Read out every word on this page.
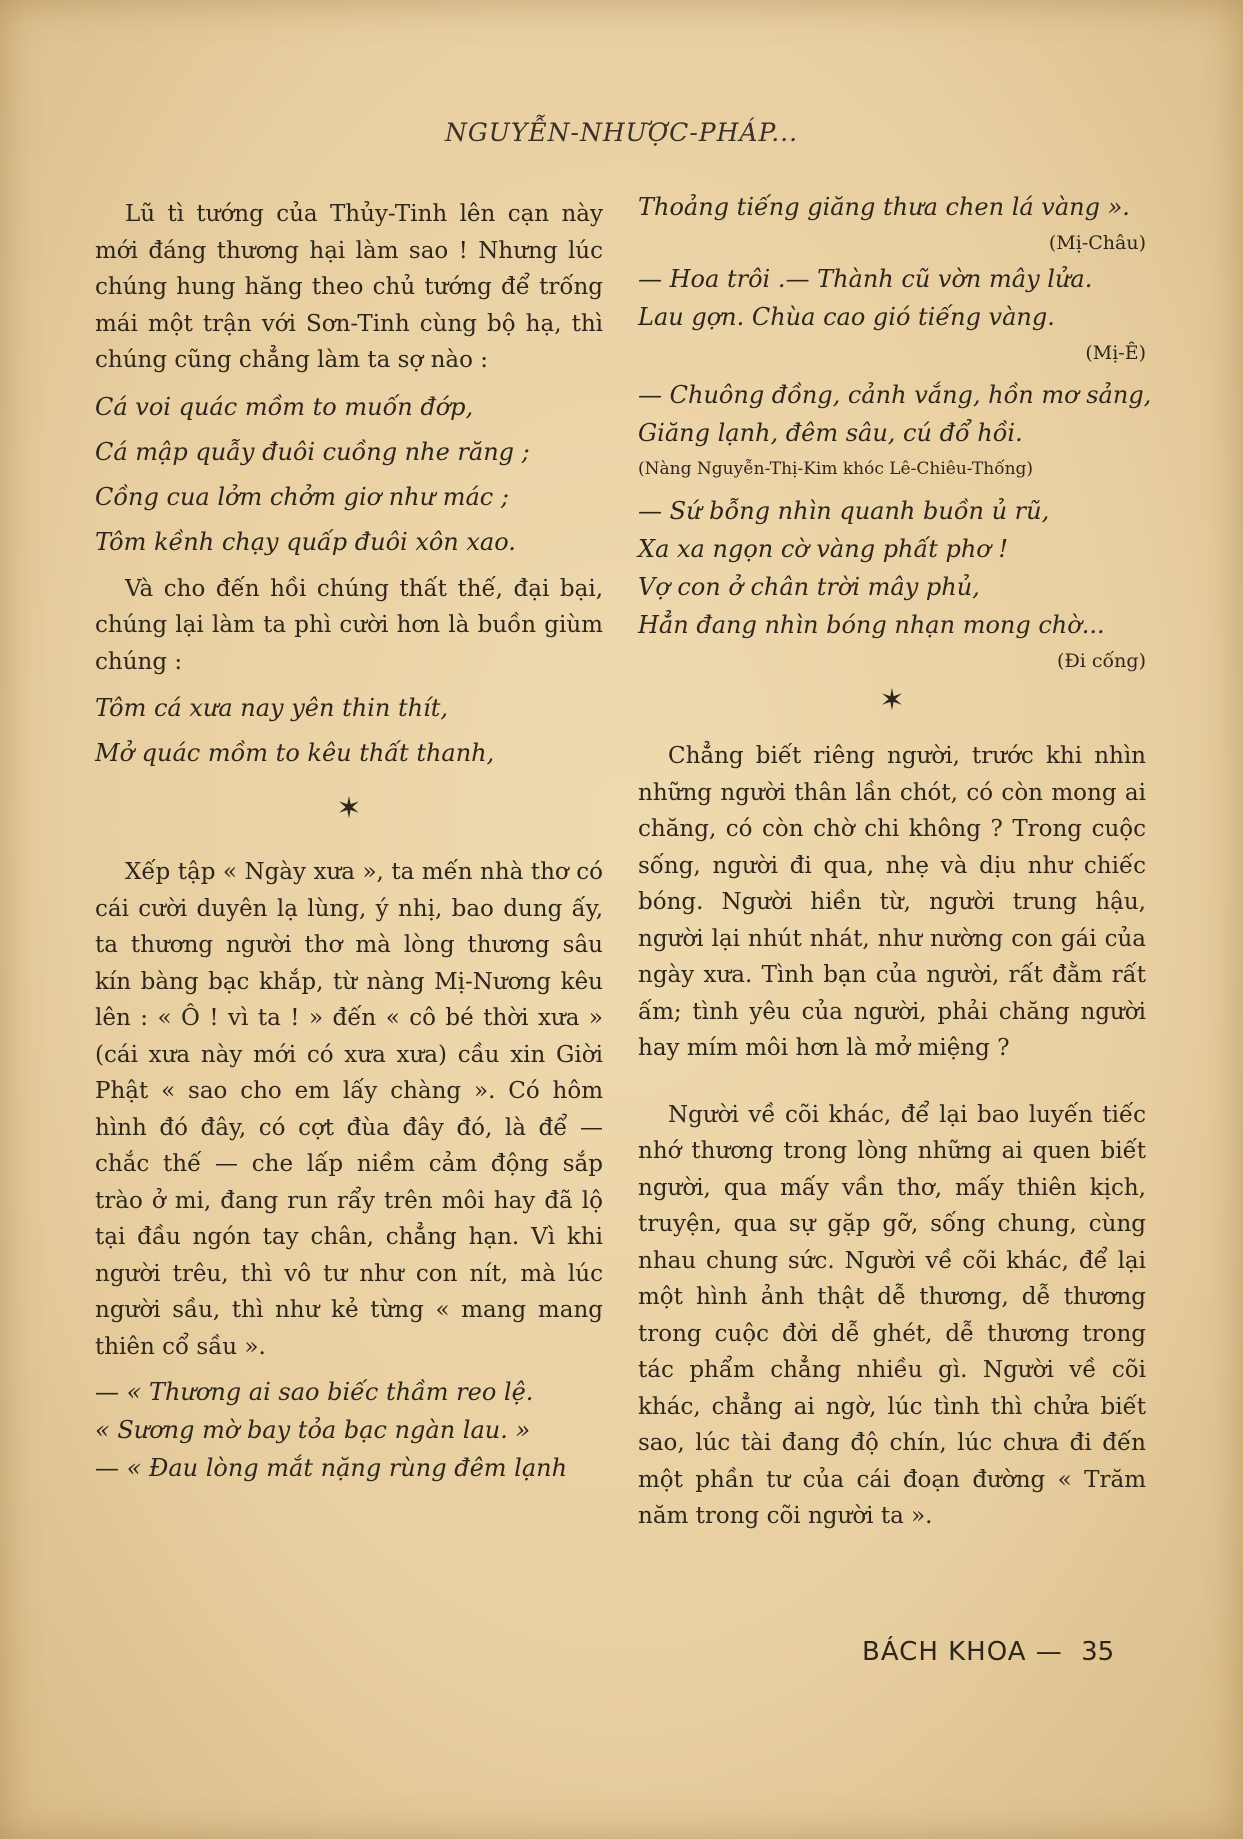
NGUYỄN-NHƯỢC-PHÁP...

Lũ tì tướng của Thủy-Tinh lên cạn này mới đáng thương hại làm sao ! Nhưng lúc chúng hung hăng theo chủ tướng để trống mái một trận với Sơn-Tinh cùng bộ hạ, thì chúng cũng chẳng làm ta sợ nào :

Cá voi quác mồm to muốn đớp,

Cá mập quẫy đuôi cuồng nhe răng ;

Cồng cua lởm chởm giơ như mác ;

Tôm kềnh chạy quấp đuôi xôn xao.

Và cho đến hồi chúng thất thế, đại bại, chúng lại làm ta phì cười hơn là buồn giùm chúng :

Tôm cá xưa nay yên thin thít,

Mở quác mồm to kêu thất thanh,

✶

Xếp tập « Ngày xưa », ta mến nhà thơ có cái cười duyên lạ lùng, ý nhị, bao dung ấy, ta thương người thơ mà lòng thương sâu kín bàng bạc khắp, từ nàng Mị-Nương kêu lên : « Ô ! vì ta ! » đến « cô bé thời xưa » (cái xưa này mới có xưa xưa) cầu xin Giời Phật « sao cho em lấy chàng ». Có hôm hình đó đây, có cợt đùa đây đó, là để — chắc thế — che lấp niềm cảm động sắp trào ở mi, đang run rẩy trên môi hay đã lộ tại đầu ngón tay chân, chẳng hạn. Vì khi người trêu, thì vô tư như con nít, mà lúc người sầu, thì như kẻ từng « mang mang thiên cổ sầu ».

— « Thương ai sao biếc thầm reo lệ.

« Sương mờ bay tỏa bạc ngàn lau. »

— « Đau lòng mắt nặng rùng đêm lạnh

Thoảng tiếng giăng thưa chen lá vàng ».

(Mị-Châu)

— Hoa trôi .— Thành cũ vờn mây lửa.

Lau gợn. Chùa cao gió tiếng vàng.

(Mị-Ê)

— Chuông đồng, cảnh vắng, hồn mơ sảng,

Giăng lạnh, đêm sâu, cú đổ hồi.

(Nàng Nguyễn-Thị-Kim khóc Lê-Chiêu-Thống)

— Sứ bỗng nhìn quanh buồn ủ rũ,

Xa xa ngọn cờ vàng phất phơ !

Vợ con ở chân trời mây phủ,

Hẳn đang nhìn bóng nhạn mong chờ...

(Đi cống)

✶

Chẳng biết riêng người, trước khi nhìn những người thân lần chót, có còn mong ai chăng, có còn chờ chi không ? Trong cuộc sống, người đi qua, nhẹ và dịu như chiếc bóng. Người hiền từ, người trung hậu, người lại nhút nhát, như nường con gái của ngày xưa. Tình bạn của người, rất đằm rất ấm; tình yêu của người, phải chăng người hay mím môi hơn là mở miệng ?

Người về cõi khác, để lại bao luyến tiếc nhớ thương trong lòng những ai quen biết người, qua mấy vần thơ, mấy thiên kịch, truyện, qua sự gặp gỡ, sống chung, cùng nhau chung sức. Người về cõi khác, để lại một hình ảnh thật dễ thương, dễ thương trong cuộc đời dễ ghét, dễ thương trong tác phẩm chẳng nhiều gì. Người về cõi khác, chẳng ai ngờ, lúc tình thì chửa biết sao, lúc tài đang độ chín, lúc chưa đi đến một phần tư của cái đoạn đường « Trăm năm trong cõi người ta ».

BÁCH KHOA — 35
